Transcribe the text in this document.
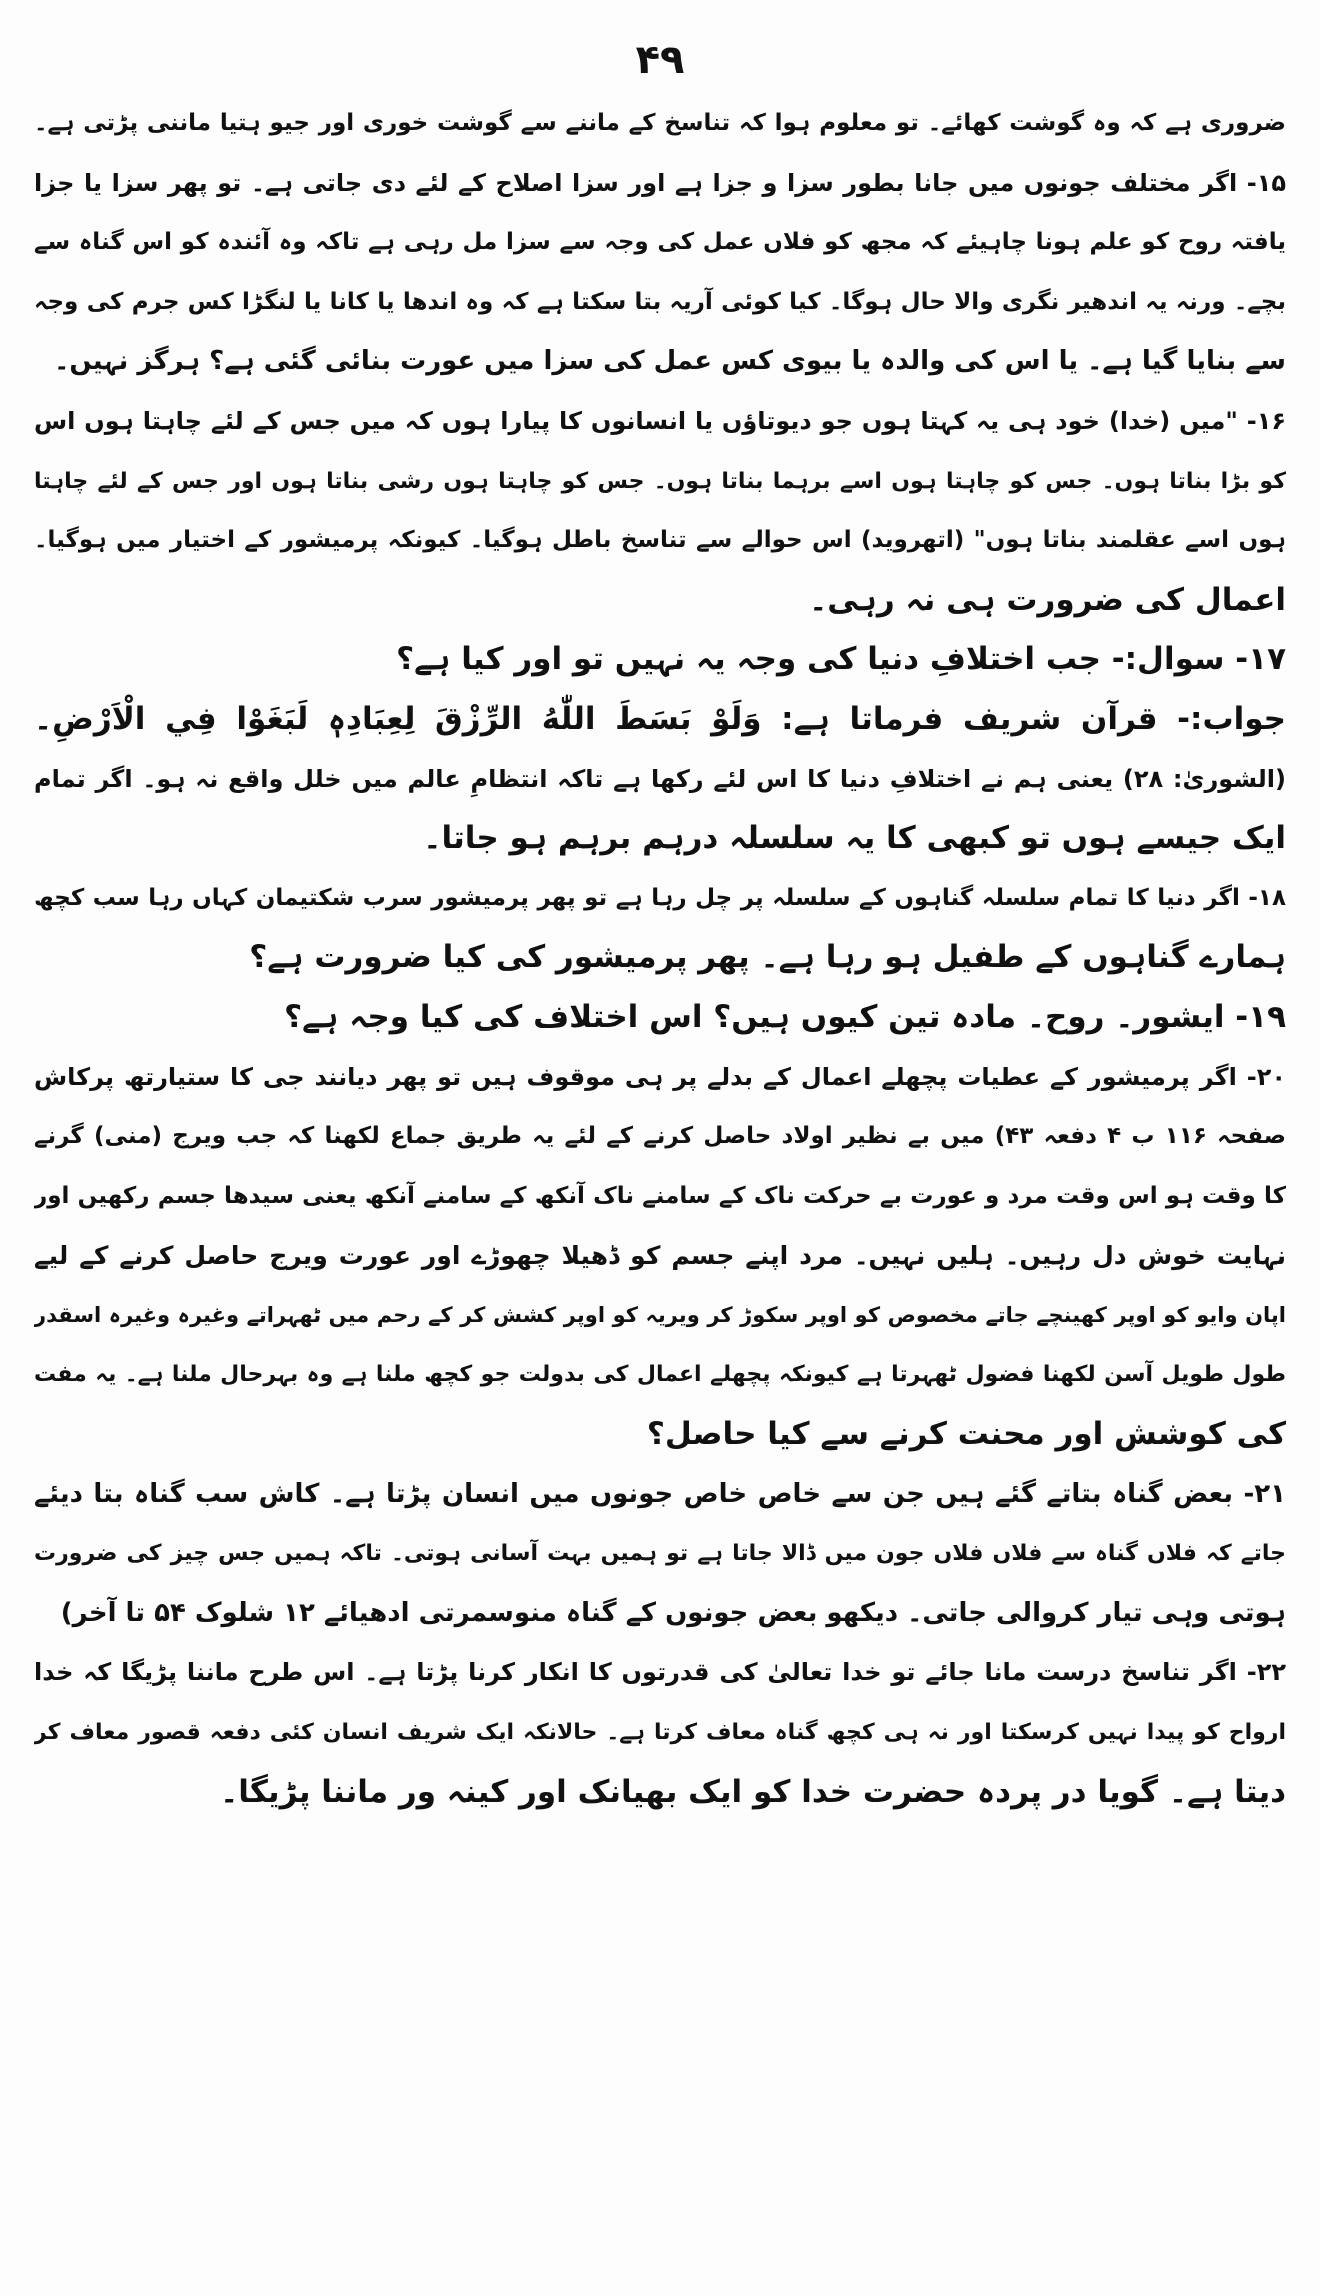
۴۹
ضروری ہے کہ وہ گوشت کھائے۔ تو معلوم ہوا کہ تناسخ کے ماننے سے گوشت خوری اور جیو ہتیا ماننی پڑتی ہے۔
۱۵- اگر مختلف جونوں میں جانا بطور سزا و جزا ہے اور سزا اصلاح کے لئے دی جاتی ہے۔ تو پھر سزا یا جزا
یافتہ روح کو علم ہونا چاہیئے کہ مجھ کو فلاں عمل کی وجہ سے سزا مل رہی ہے تاکہ وہ آئندہ کو اس گناہ سے
بچے۔ ورنہ یہ اندھیر نگری والا حال ہوگا۔ کیا کوئی آریہ بتا سکتا ہے کہ وہ اندھا یا کانا یا لنگڑا کس جرم کی وجہ
سے بنایا گیا ہے۔ یا اس کی والدہ یا بیوی کس عمل کی سزا میں عورت بنائی گئی ہے؟ ہرگز نہیں۔
۱۶- "میں (خدا) خود ہی یہ کہتا ہوں جو دیوتاؤں یا انسانوں کا پیارا ہوں کہ میں جس کے لئے چاہتا ہوں اس
کو بڑا بناتا ہوں۔ جس کو چاہتا ہوں اسے برہما بناتا ہوں۔ جس کو چاہتا ہوں رشی بناتا ہوں اور جس کے لئے چاہتا
ہوں اسے عقلمند بناتا ہوں" (اتھروید) اس حوالے سے تناسخ باطل ہوگیا۔ کیونکہ پرمیشور کے اختیار میں ہوگیا۔
اعمال کی ضرورت ہی نہ رہی۔
۱۷- سوال:- جب اختلافِ دنیا کی وجہ یہ نہیں تو اور کیا ہے؟
جواب:- قرآن شریف فرماتا ہے: وَلَوْ بَسَطَ اللّٰهُ الرِّزْقَ لِعِبَادِهٖ لَبَغَوْا فِي الْاَرْضِ۔
(الشوریٰ: ۲۸) یعنی ہم نے اختلافِ دنیا کا اس لئے رکھا ہے تاکہ انتظامِ عالم میں خلل واقع نہ ہو۔ اگر تمام
ایک جیسے ہوں تو کبھی کا یہ سلسلہ درہم برہم ہو جاتا۔
۱۸- اگر دنیا کا تمام سلسلہ گناہوں کے سلسلہ پر چل رہا ہے تو پھر پرمیشور سرب شکتیمان کہاں رہا سب کچھ
ہمارے گناہوں کے طفیل ہو رہا ہے۔ پھر پرمیشور کی کیا ضرورت ہے؟
۱۹- ایشور۔ روح۔ مادہ تین کیوں ہیں؟ اس اختلاف کی کیا وجہ ہے؟
۲۰- اگر پرمیشور کے عطیات پچھلے اعمال کے بدلے پر ہی موقوف ہیں تو پھر دیانند جی کا ستیارتھ پرکاش
صفحہ ۱۱۶ ب ۴ دفعہ ۴۳) میں بے نظیر اولاد حاصل کرنے کے لئے یہ طریق جماع لکھنا کہ جب ویرج (منی) گرنے
کا وقت ہو اس وقت مرد و عورت بے حرکت ناک کے سامنے ناک آنکھ کے سامنے آنکھ یعنی سیدھا جسم رکھیں اور
نہایت خوش دل رہیں۔ ہلیں نہیں۔ مرد اپنے جسم کو ڈھیلا چھوڑے اور عورت ویرج حاصل کرنے کے لیے
اپان وایو کو اوپر کھینچے جاتے مخصوص کو اوپر سکوڑ کر ویریہ کو اوپر کشش کر کے رحم میں ٹھہراتے وغیرہ وغیرہ اسقدر
طول طویل آسن لکھنا فضول ٹھہرتا ہے کیونکہ پچھلے اعمال کی بدولت جو کچھ ملنا ہے وہ بہرحال ملنا ہے۔ یہ مفت
کی کوشش اور محنت کرنے سے کیا حاصل؟
۲۱- بعض گناہ بتاتے گئے ہیں جن سے خاص خاص جونوں میں انسان پڑتا ہے۔ کاش سب گناہ بتا دیئے
جاتے کہ فلاں گناہ سے فلاں فلاں جون میں ڈالا جاتا ہے تو ہمیں بہت آسانی ہوتی۔ تاکہ ہمیں جس چیز کی ضرورت
ہوتی وہی تیار کروالی جاتی۔ دیکھو بعض جونوں کے گناہ منوسمرتی ادھیائے ۱۲ شلوک ۵۴ تا آخر)
۲۲- اگر تناسخ درست مانا جائے تو خدا تعالیٰ کی قدرتوں کا انکار کرنا پڑتا ہے۔ اس طرح ماننا پڑیگا کہ خدا
ارواح کو پیدا نہیں کرسکتا اور نہ ہی کچھ گناہ معاف کرتا ہے۔ حالانکہ ایک شریف انسان کئی دفعہ قصور معاف کر
دیتا ہے۔ گویا در پردہ حضرت خدا کو ایک بھیانک اور کینہ ور ماننا پڑیگا۔
